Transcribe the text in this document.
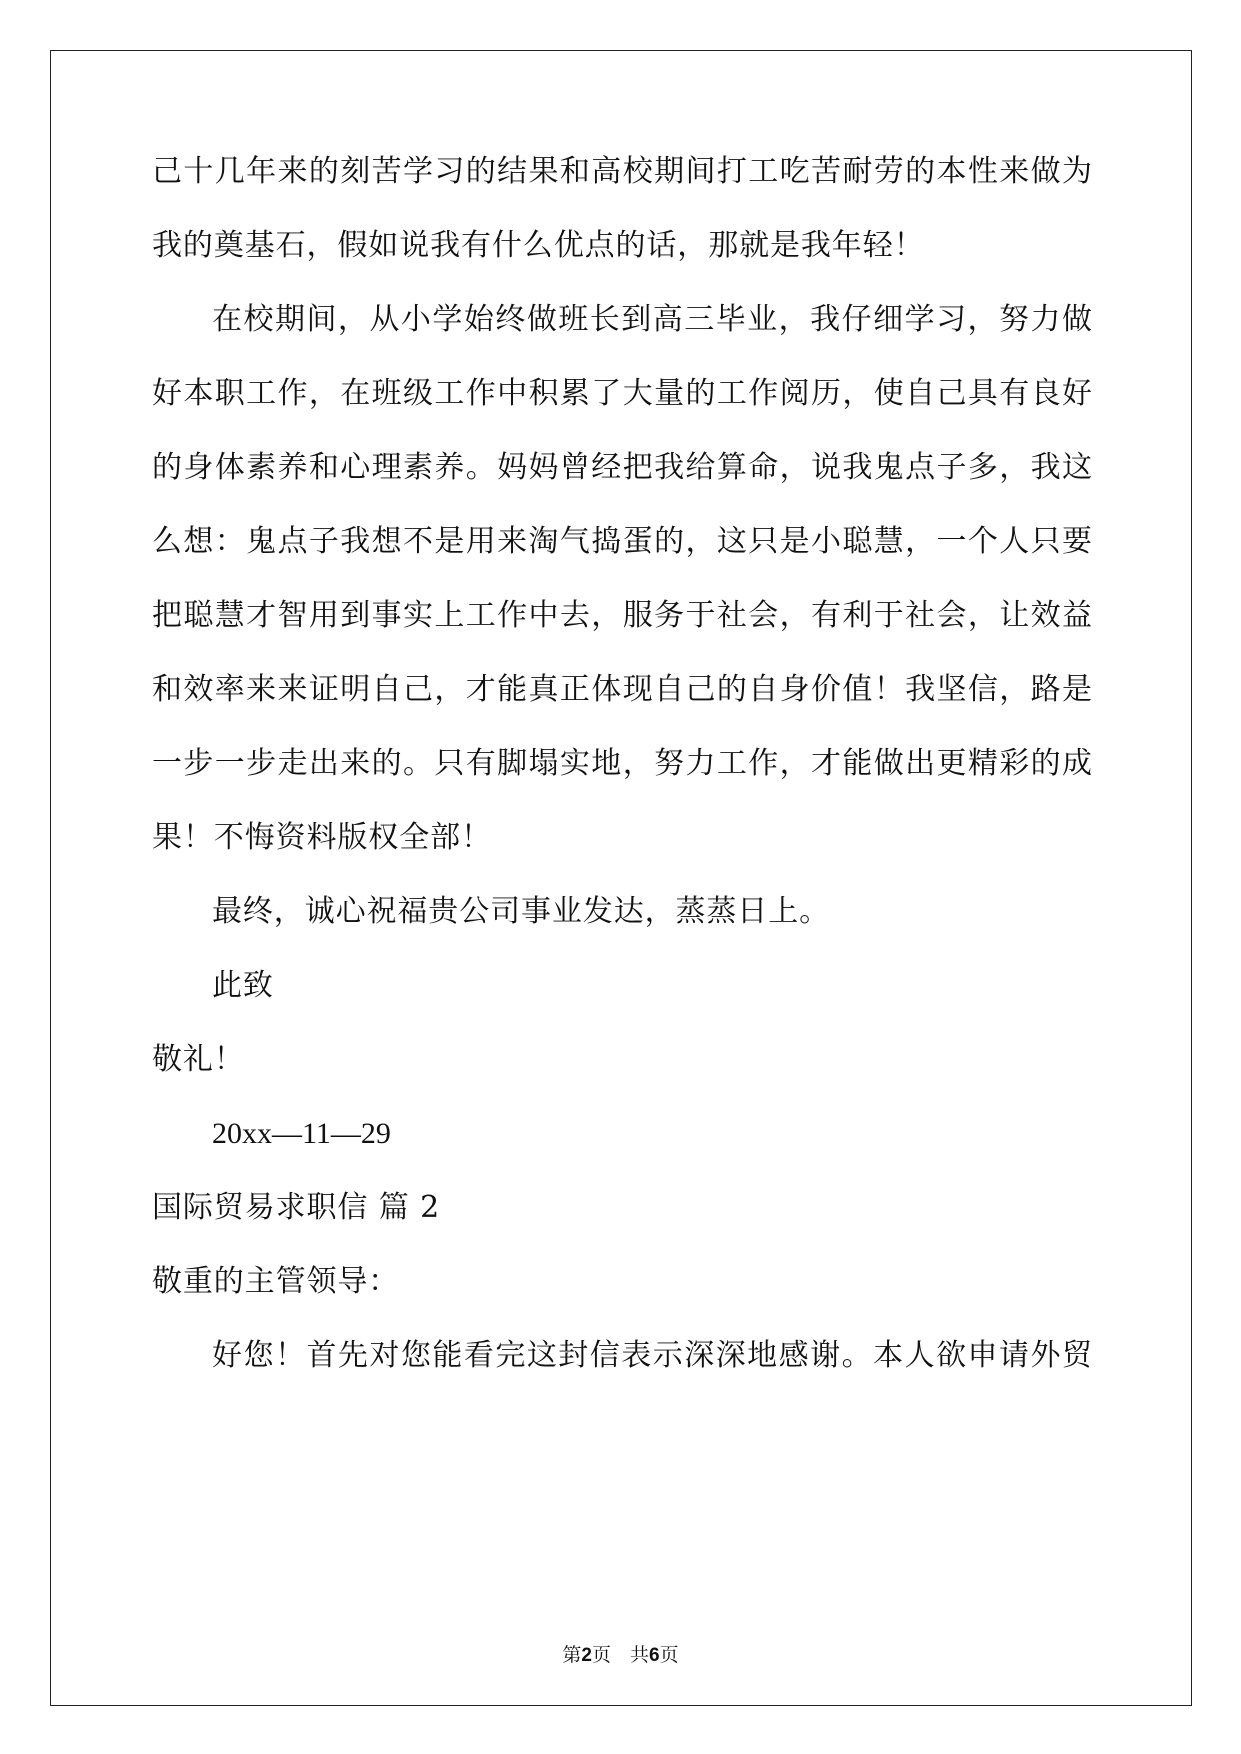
己十几年来的刻苦学习的结果和高校期间打工吃苦耐劳的本性来做为
我的奠基石，假如说我有什么优点的话，那就是我年轻！
在校期间，从小学始终做班长到高三毕业，我仔细学习，努力做
好本职工作，在班级工作中积累了大量的工作阅历，使自己具有良好
的身体素养和心理素养。妈妈曾经把我给算命，说我鬼点子多，我这
么想：鬼点子我想不是用来淘气捣蛋的，这只是小聪慧，一个人只要
把聪慧才智用到事实上工作中去，服务于社会，有利于社会，让效益
和效率来来证明自己，才能真正体现自己的自身价值！我坚信，路是
一步一步走出来的。只有脚塌实地，努力工作，才能做出更精彩的成
果！不悔资料版权全部！
最终，诚心祝福贵公司事业发达，蒸蒸日上。
此致
敬礼！
20xx—11—29
国际贸易求职信 篇 2
敬重的主管领导：
好您！首先对您能看完这封信表示深深地感谢。本人欲申请外贸
第2页　共6页
